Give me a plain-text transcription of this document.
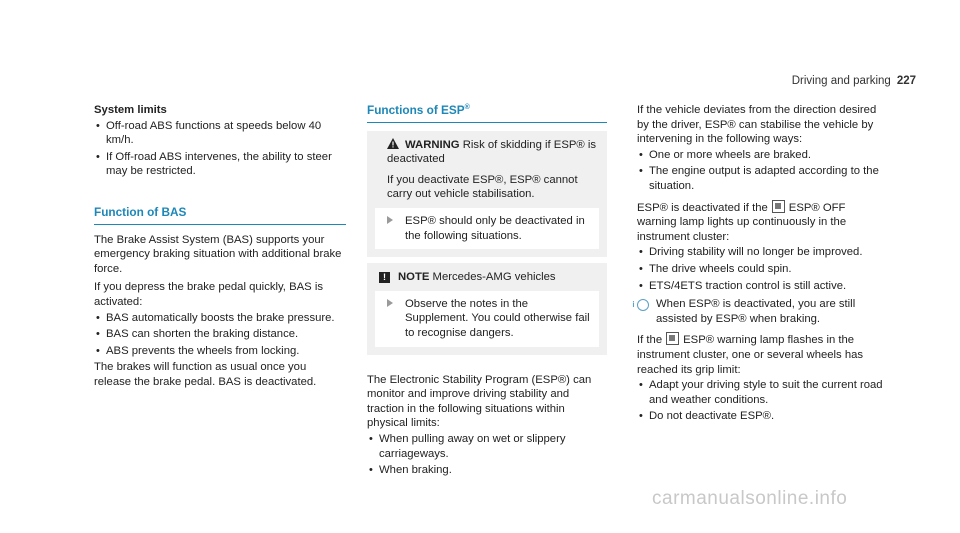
Driving and parking 227

System limits

• Off-road ABS functions at speeds below 40 km/h.
• If Off-road ABS intervenes, the ability to steer may be restricted.
Function of BAS

The Brake Assist System (BAS) supports your emergency braking situation with additional brake force.

If you depress the brake pedal quickly, BAS is activated:

• BAS automatically boosts the brake pressure.
• BAS can shorten the braking distance.
• ABS prevents the wheels from locking.

The brakes will function as usual once you release the brake pedal. BAS is deactivated.

Functions of ESP®

WARNING Risk of skidding if ESP® is deactivated

If you deactivate ESP®, ESP® cannot carry out vehicle stabilisation.

ESP® should only be deactivated in the following situations.

! NOTE Mercedes-AMG vehicles

Observe the notes in the Supplement. You could otherwise fail to recognise dangers.

The Electronic Stability Program (ESP®) can monitor and improve driving stability and traction in the following situations within physical limits:

• When pulling away on wet or slippery carriageways.
• When braking.

If the vehicle deviates from the direction desired by the driver, ESP® can stabilise the vehicle by intervening in the following ways:

• One or more wheels are braked.
• The engine output is adapted according to the situation.

ESP® is deactivated if the ESP® OFF warning lamp lights up continuously in the instrument cluster:

• Driving stability will no longer be improved.
• The drive wheels could spin.
• ETS/4ETS traction control is still active.

i When ESP® is deactivated, you are still assisted by ESP® when braking.

If the ESP® warning lamp flashes in the instrument cluster, one or several wheels has reached its grip limit:

• Adapt your driving style to suit the current road and weather conditions.
• Do not deactivate ESP®.
carmanualsonline.info
